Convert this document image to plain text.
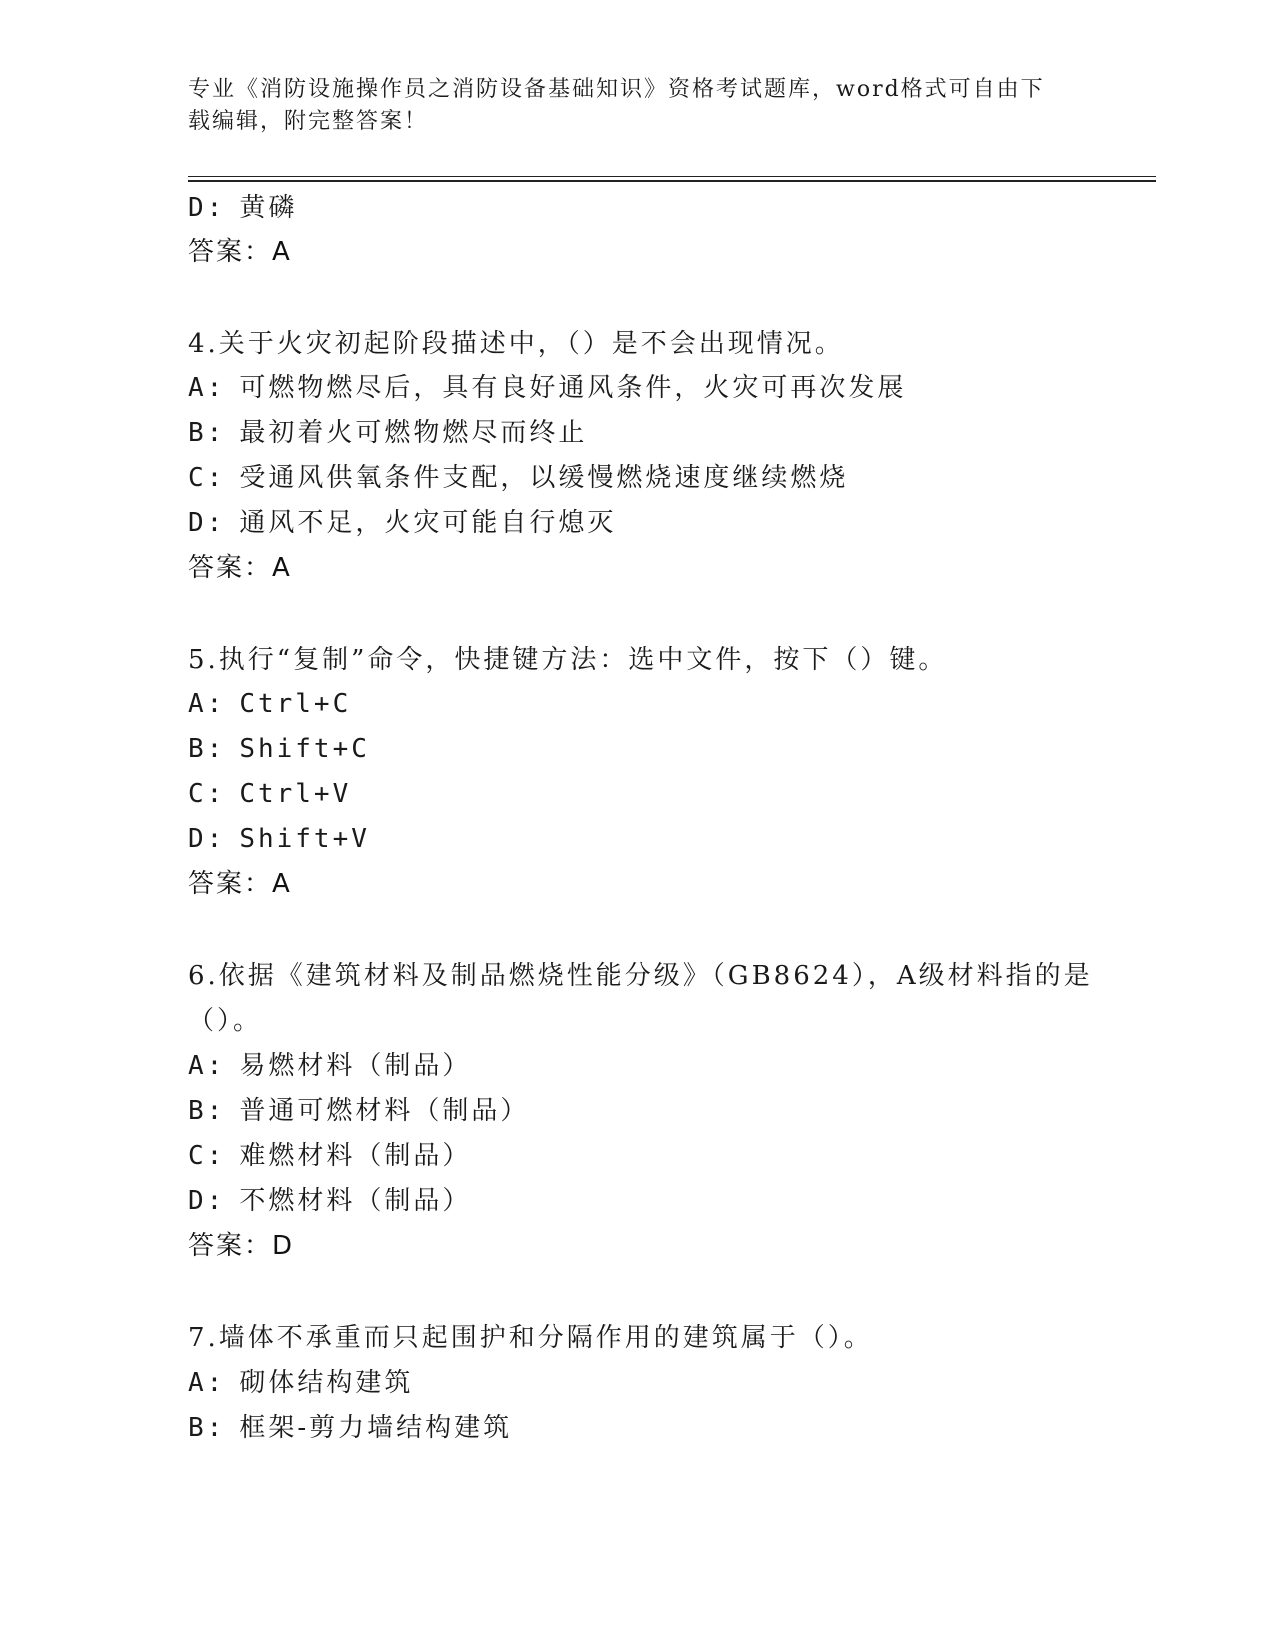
专业《消防设施操作员之消防设备基础知识》资格考试题库，word格式可自由下载编辑，附完整答案！
D: 黄磷
答案：A
4.关于火灾初起阶段描述中，（）是不会出现情况。
A: 可燃物燃尽后，具有良好通风条件，火灾可再次发展
B: 最初着火可燃物燃尽而终止
C: 受通风供氧条件支配，以缓慢燃烧速度继续燃烧
D: 通风不足，火灾可能自行熄灭
答案：A
5.执行“复制”命令，快捷键方法：选中文件，按下（）键。
A: Ctrl+C
B: Shift+C
C: Ctrl+V
D: Shift+V
答案：A
6.依据《建筑材料及制品燃烧性能分级》（GB8624），A级材料指的是
（）。
A: 易燃材料（制品）
B: 普通可燃材料（制品）
C: 难燃材料（制品）
D: 不燃材料（制品）
答案：D
7.墙体不承重而只起围护和分隔作用的建筑属于（）。
A: 砌体结构建筑
B: 框架-剪力墙结构建筑
